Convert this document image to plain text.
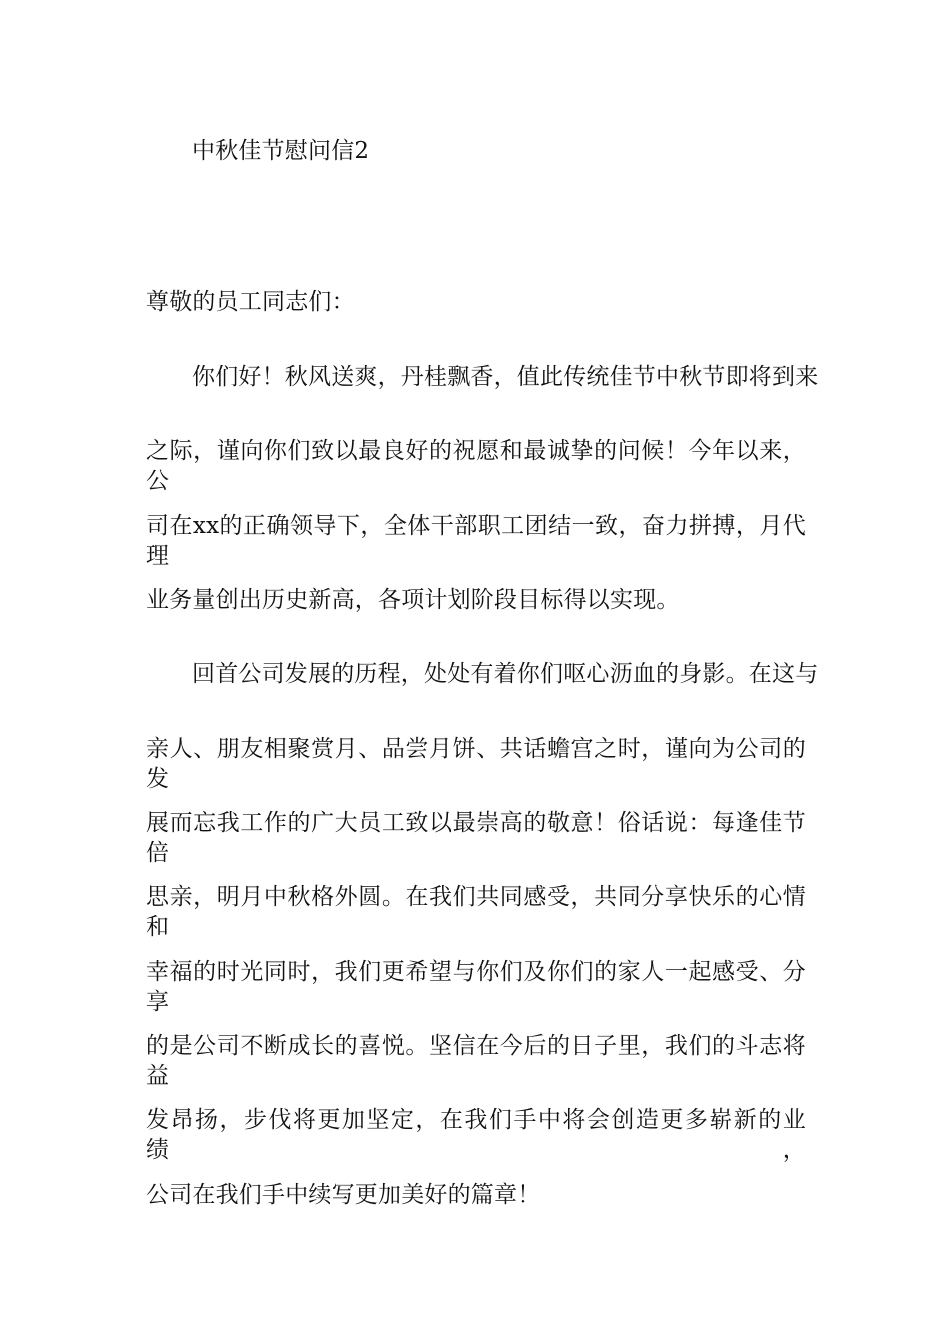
中秋佳节慰问信2
尊敬的员工同志们：
你们好！秋风送爽，丹桂飘香，值此传统佳节中秋节即将到来
之际，谨向你们致以最良好的祝愿和最诚挚的问候！今年以来，公
司在xx的正确领导下，全体干部职工团结一致，奋力拼搏，月代理
业务量创出历史新高，各项计划阶段目标得以实现。
回首公司发展的历程，处处有着你们呕心沥血的身影。在这与
亲人、朋友相聚赏月、品尝月饼、共话蟾宫之时，谨向为公司的发
展而忘我工作的广大员工致以最崇高的敬意！俗话说：每逢佳节倍
思亲，明月中秋格外圆。在我们共同感受，共同分享快乐的心情和
幸福的时光同时，我们更希望与你们及你们的家人一起感受、分享
的是公司不断成长的喜悦。坚信在今后的日子里，我们的斗志将益
发昂扬，步伐将更加坚定，在我们手中将会创造更多崭新的业绩，
公司在我们手中续写更加美好的篇章！
